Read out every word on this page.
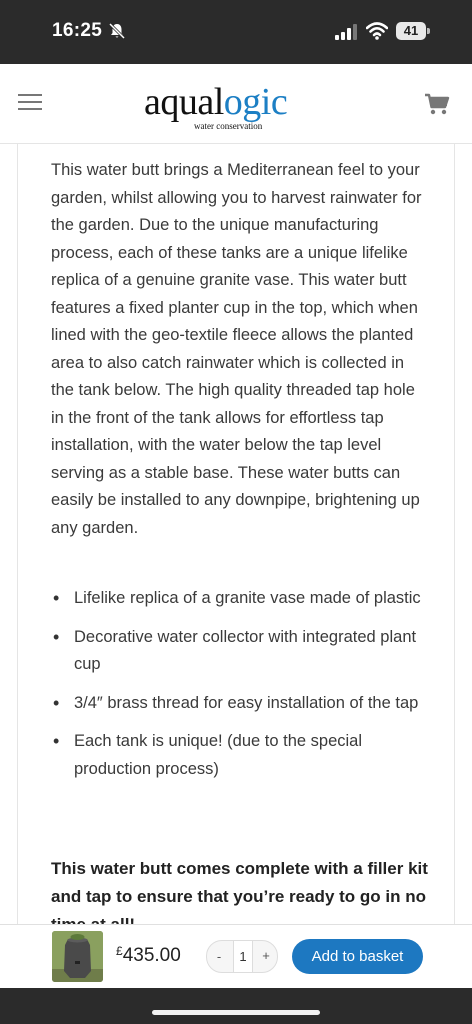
16:25	41
aqualogic
water conservation

This water butt brings a Mediterranean feel to your garden, whilst allowing you to harvest rainwater for the garden. Due to the unique manufacturing process, each of these tanks are a unique lifelike replica of a genuine granite vase. This water butt features a fixed planter cup in the top, which when lined with the geo-textile fleece allows the planted area to also catch rainwater which is collected in the tank below. The high quality threaded tap hole in the front of the tank allows for effortless tap installation, with the water below the tap level serving as a stable base. These water butts can easily be installed to any downpipe, brightening up any garden.

• Lifelike replica of a granite vase made of plastic
• Decorative water collector with integrated plant cup
• 3/4″ brass thread for easy installation of the tap
• Each tank is unique! (due to the special production process)

This water butt comes complete with a filler kit and tap to ensure that you’re ready to go in no

£435.00	-	1	+	Add to basket
